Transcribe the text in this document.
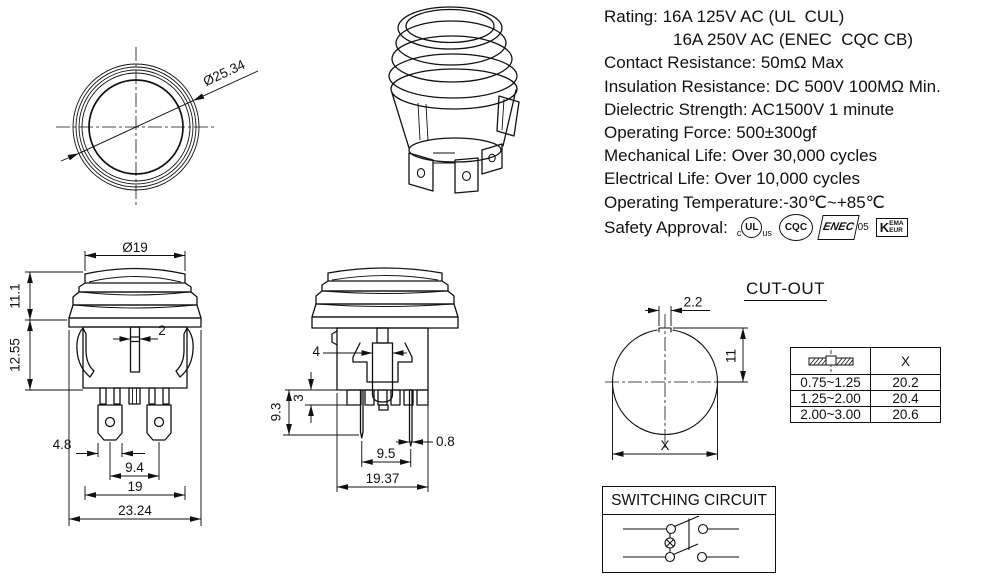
Ø25.34
Rating: 16A 125V AC (UL  CUL)
16A 250V AC (ENEC  CQC CB)
Contact Resistance: 50mΩ Max
Insulation Resistance: DC 500V 100MΩ Min.
Dielectric Strength: AC1500V 1 minute
Operating Force: 500±300gf
Mechanical Life: Over 30,000 cycles
Electrical Life: Over 10,000 cycles
Operating Temperature:-30℃~+85℃
Safety Approval: c
UL
us
CQC	ENEC 05 K EMA
EUR
Ø19
11.1
12.55
2
4.8
9.4
19
23.24
4
3
9.3
0.8
9.5
19.37
CUT-OUT
2.2
11
X
	X
0.75~1.25	20.2
1.25~2.00	20.4
2.00~3.00	20.6
SWITCHING CIRCUIT
